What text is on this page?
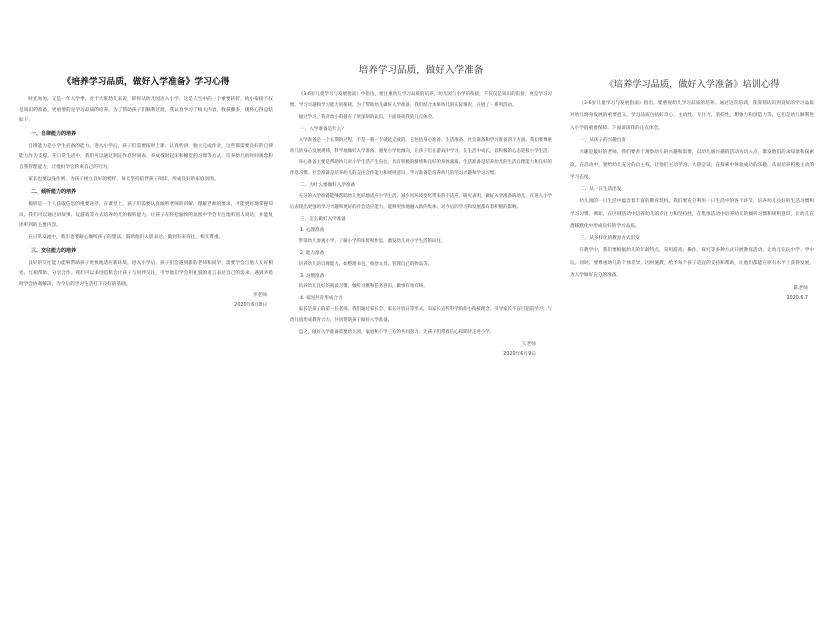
《培养学习品质，做好入学准备》学习心得

时光匆匆，又是一年入学季。对于大班幼儿来说，即将从幼儿园迈入小学，这是人生中的一个重要转折。幼小衔接不仅是知识的准备，更重要的是学习品质的培养。为了帮助孩子们顺利过渡，我认真学习了相关内容，收获颇多，现将心得总结如下：

一、自律能力的培养

自律能力是小学生必备的能力。进入小学后，孩子们需要按时上课、认真听讲、独立完成作业，这些都需要良好的自律能力作为支撑。在日常生活中，我们可以通过制定作息时间表、养成按时起床和睡觉的习惯等方式，培养幼儿的时间观念和自我管理能力，让他们学会约束自己的行为。

家长也要以身作则，为孩子树立良好的榜样，每天坚持陪伴孩子阅读，形成良好的家庭氛围。

二、倾听能力的培养

倾听是一个人获取信息的重要途径。在课堂上，孩子们需要认真倾听老师的讲解，理解老师的要求，才能更好地掌握知识。我们可以通过讲故事、玩游戏等方式培养幼儿的倾听能力，让孩子在轻松愉快的氛围中学会专注地听别人说话，并能复述听到的主要内容。

在日常交流中，我们也要耐心倾听孩子的想法，鼓励他们大胆表达，做到有来有往，相互尊重。

三、交往能力的培养

良好的交往能力能够帮助孩子更快地适应新环境。进入小学后，孩子们会遇到新的老师和同学，需要学会与他人友好相处、互相帮助、分享合作。我们可以多创造机会让孩子与同伴交往，引导他们学会用礼貌的语言表达自己的需求，遇到矛盾时学会协商解决，为今后的学习生活打下良好的基础。

李老师

2020年6月8日

培养学习品质，做好入学准备

《3-6岁儿童学习与发展指南》中指出，要注重幼儿学习品质的培养。幼儿园与小学的衔接，不仅仅是知识的衔接，更是学习习惯、学习兴趣和学习能力的衔接。为了帮助幼儿做好入学准备，我们结合本班幼儿的实际情况，开展了一系列活动。

通过学习，我对幼小衔接有了更深刻的认识，下面谈谈我的几点体会。

一、入学准备是什么？

入学准备是一个长期的过程，不是一朝一夕就能完成的。它包括身心准备、生活准备、社会准备和学习准备四个方面。我们要尊重幼儿的身心发展规律，科学地做好入学准备，避免小学化倾向，让孩子们在游戏中学习，在生活中成长，以积极的心态迎接小学生活。

身心准备主要是帮助幼儿对小学生活产生向往，具有积极的情绪和良好的身体素质。生活准备是培养幼儿的生活自理能力和良好的作息习惯。社会准备是培养幼儿的交往合作能力和规则意识。学习准备是培养幼儿的学习兴趣和学习习惯。

二、为什么要做好入学准备

充分的入学准备能够帮助幼儿更好地适应小学生活，减少因环境变化带来的不适应。研究表明，做好入学准备的幼儿，在进入小学后表现出更强的学习兴趣和更好的社会适应能力，能够更快地融入新的集体，对今后的学习和发展都有着积极的影响。

三、怎么做好入学准备

1. 心理准备

带领幼儿参观小学，了解小学的环境和作息，激发幼儿对小学生活的向往。

2. 能力准备

培养幼儿的自理能力，如整理书包、收拾文具、管理自己的物品等。

3. 习惯准备

培养幼儿良好的阅读习惯、倾听习惯和任务意识，做事有始有终。

4. 家园共育形成合力

家长是孩子的第一任老师。我们通过家长会、家长开放日等形式，向家长宣传科学的幼小衔接理念，引导家长不盲目超前学习，与幼儿园形成教育合力，共同帮助孩子做好入学准备。

总之，做好入学准备需要幼儿园、家庭和小学三方的共同努力，让孩子们带着信心和期待走进小学。

王老师

2020年6月9日

《培养学习品质，做好入学准备》培训心得

《3-6岁儿童学习与发展指南》指出，要重视幼儿学习品质的培养。通过这次培训，我深刻认识到良好的学习品质对幼儿终身发展的重要意义。学习品质包括好奇心、主动性、专注力、坚持性、想象力和创造力等，它们是幼儿顺利进入小学的重要保障。下面谈谈我的几点体会。

一、从孩子的兴趣出发

兴趣是最好的老师。我们要善于观察幼儿的兴趣和需要，以幼儿感兴趣的活动为切入点，激发他们的求知欲和探索欲。在活动中，要给幼儿充分的自主权，让他们主动学习、大胆尝试，在探索中体验成功的乐趣，从而培养积极主动的学习态度。

二、从一日生活出发

幼儿园的一日生活中蕴含着丰富的教育契机。我们要充分利用一日生活中的各个环节，培养幼儿良好的生活习惯和学习习惯。例如，在区域活动中培养幼儿的专注力和坚持性，在集体活动中培养幼儿的倾听习惯和规则意识，让幼儿在潜移默化中形成良好的学习品质。

三、从多样化的教育方式出发

在教学中，我们要根据幼儿的年龄特点，采用游戏、操作、探究等多种方式开展教育活动，让幼儿在玩中学、学中玩。同时，要尊重幼儿的个体差异，因材施教，给予每个孩子适宜的支持和帮助，让他们都能在原有水平上获得发展，为入学做好充分的准备。

陈老师

2020.6.7
